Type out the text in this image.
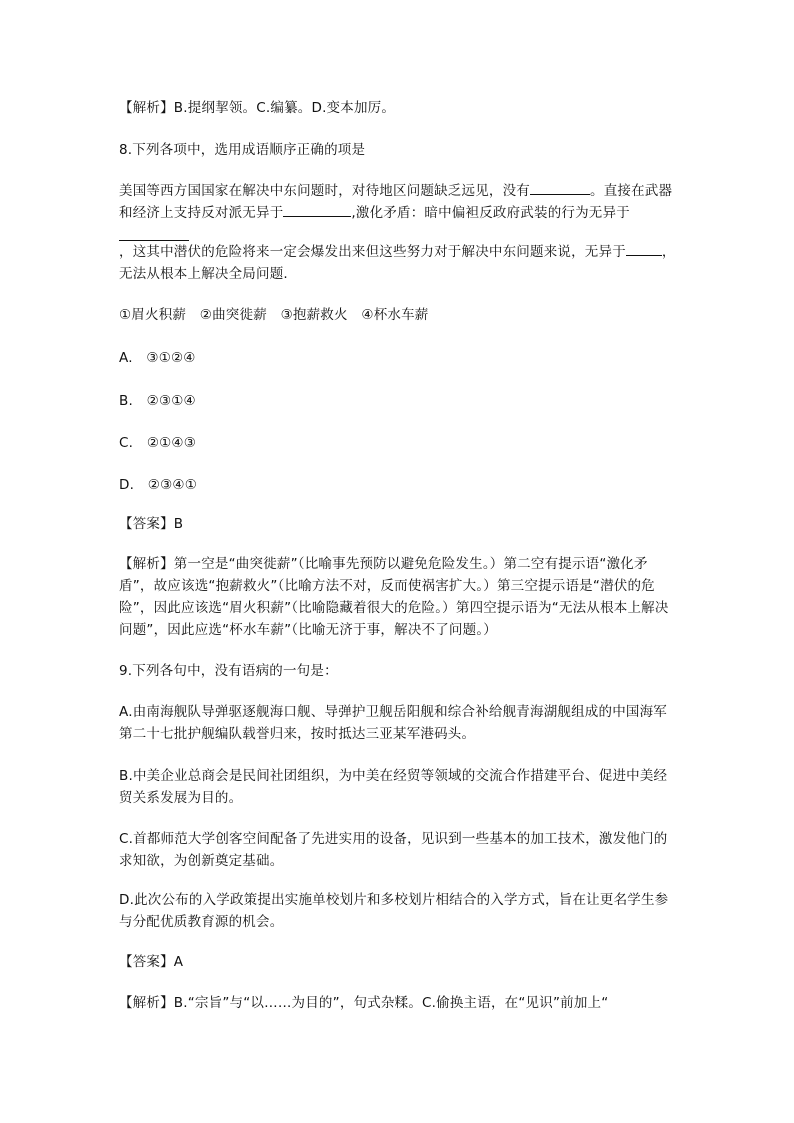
【解析】B.提纲挈领。C.编纂。D.变本加厉。

8.下列各项中，选用成语顺序正确的项是

美国等西方国国家在解决中东问题时，对待地区问题缺乏远见，没有	。直接在武器和经济上支持反对派无异于	,激化矛盾：暗中偏袒反政府武装的行为无异于

，这其中潜伏的危险将来一定会爆发出来但这些努力对于解决中东问题来说，无异于	，无法从根本上解决全局问题.

①眉火积薪　②曲突徙薪　③抱薪救火　④杯水车薪

A.　③①②④

B.　②③①④

C.　②①④③

D.　②③④①

【答案】B

【解析】第一空是“曲突徙薪”（比喻事先预防以避免危险发生。）第二空有提示语“激化矛盾”，故应该选“抱薪救火”（比喻方法不对，反而使祸害扩大。）第三空提示语是“潜伏的危险”，因此应该选“眉火积薪”（比喻隐藏着很大的危险。）第四空提示语为“无法从根本上解决问题”，因此应选“杯水车薪”（比喻无济于事，解决不了问题。）

9.下列各句中，没有语病的一句是：

A.由南海舰队导弹驱逐舰海口舰、导弹护卫舰岳阳舰和综合补给舰青海湖舰组成的中国海军第二十七批护舰编队载誉归来，按时抵达三亚某军港码头。

B.中美企业总商会是民间社团组织，为中美在经贸等领域的交流合作措建平台、促进中美经贸关系发展为目的。

C.首都师范大学创客空间配备了先进实用的设备，见识到一些基本的加工技术，激发他门的求知欲，为创新奠定基础。

D.此次公布的入学政策提出实施单校划片和多校划片相结合的入学方式，旨在让更名学生参与分配优质教育源的机会。

【答案】A

【解析】B.“宗旨”与“以……为目的”，句式杂糅。C.偷换主语，在“见识”前加上“
